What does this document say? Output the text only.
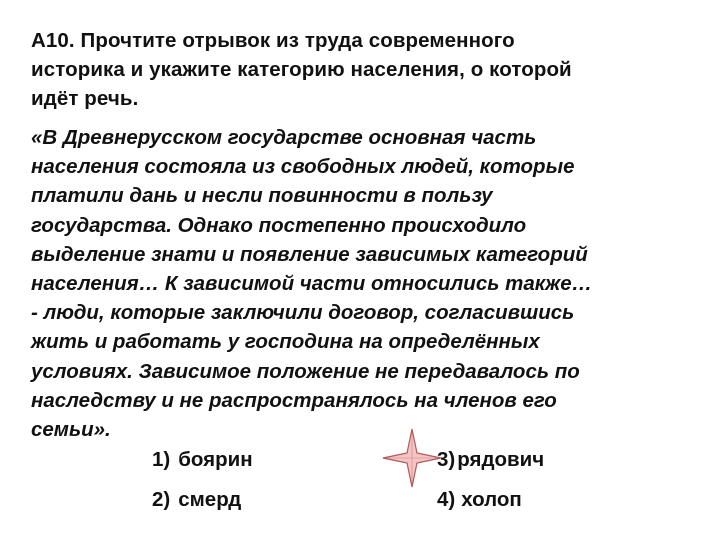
А10. Прочтите отрывок из труда современного
историка и укажите категорию населения, о которой
идёт речь.
«В Древнерусском государстве основная часть
населения состояла из свободных людей, которые
платили дань и несли повинности в пользу
государства. Однако постепенно происходило
выделение знати и появление зависимых категорий
населения… К зависимой части относились также…
- люди, которые заключили договор, согласившись
жить и работать у господина на определённых
условиях. Зависимое положение не передавалось по
наследству и не распространялось на членов его
семьи».
1) боярин
2) смерд
3)рядович
4) холоп
